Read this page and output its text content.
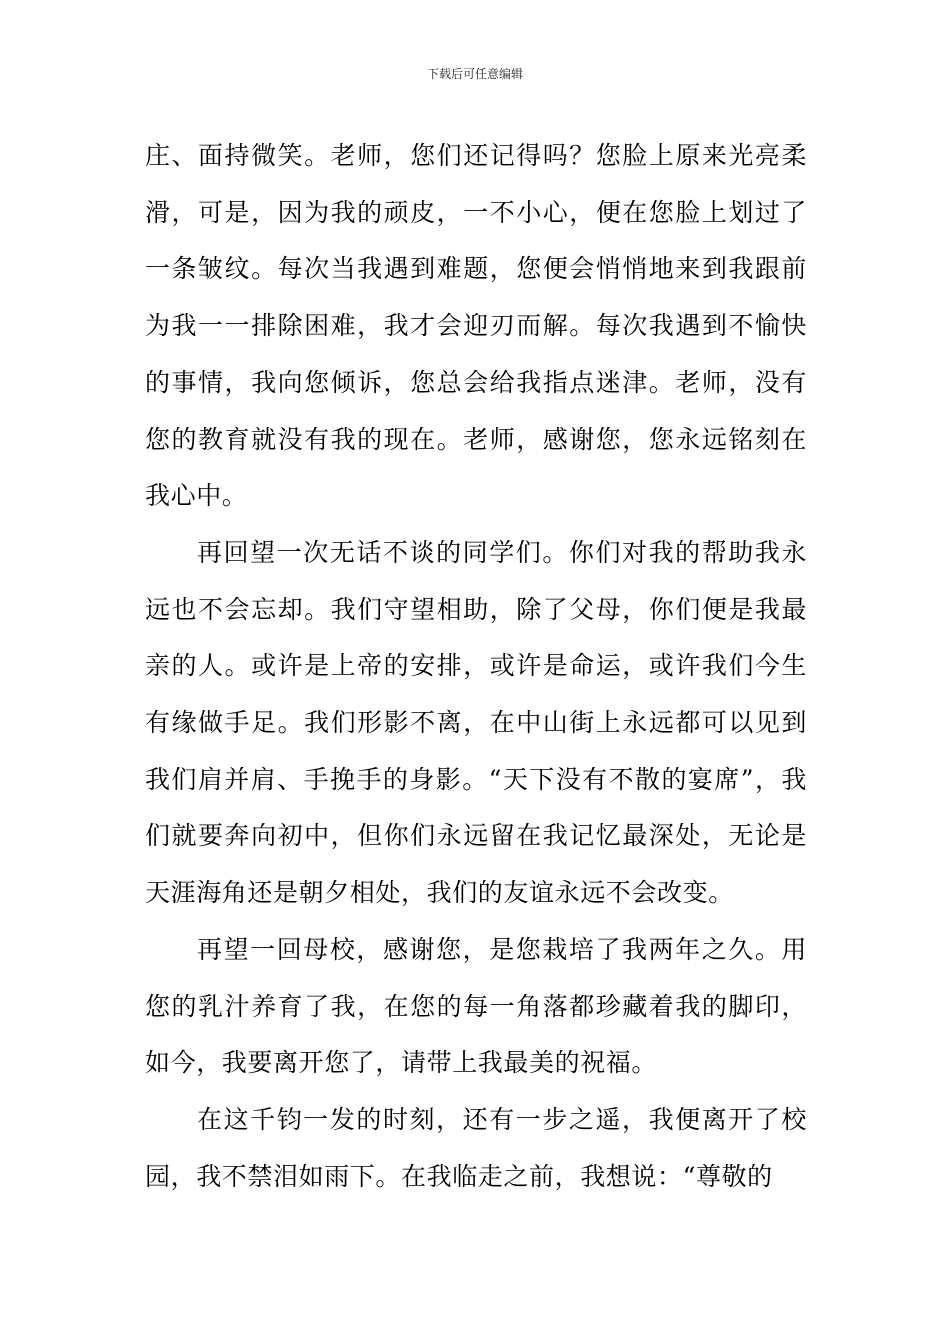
下载后可任意编辑

庄、面持微笑。老师，您们还记得吗？您脸上原来光亮柔滑，可是，因为我的顽皮，一不小心，便在您脸上划过了一条皱纹。每次当我遇到难题，您便会悄悄地来到我跟前为我一一排除困难，我才会迎刃而解。每次我遇到不愉快的事情，我向您倾诉，您总会给我指点迷津。老师，没有您的教育就没有我的现在。老师，感谢您，您永远铭刻在我心中。

再回望一次无话不谈的同学们。你们对我的帮助我永远也不会忘却。我们守望相助，除了父母，你们便是我最亲的人。或许是上帝的安排，或许是命运，或许我们今生有缘做手足。我们形影不离，在中山街上永远都可以见到我们肩并肩、手挽手的身影。“天下没有不散的宴席”，我们就要奔向初中，但你们永远留在我记忆最深处，无论是天涯海角还是朝夕相处，我们的友谊永远不会改变。

再望一回母校，感谢您，是您栽培了我两年之久。用您的乳汁养育了我，在您的每一角落都珍藏着我的脚印，如今，我要离开您了，请带上我最美的祝福。

在这千钧一发的时刻，还有一步之遥，我便离开了校园，我不禁泪如雨下。在我临走之前，我想说：“尊敬的
